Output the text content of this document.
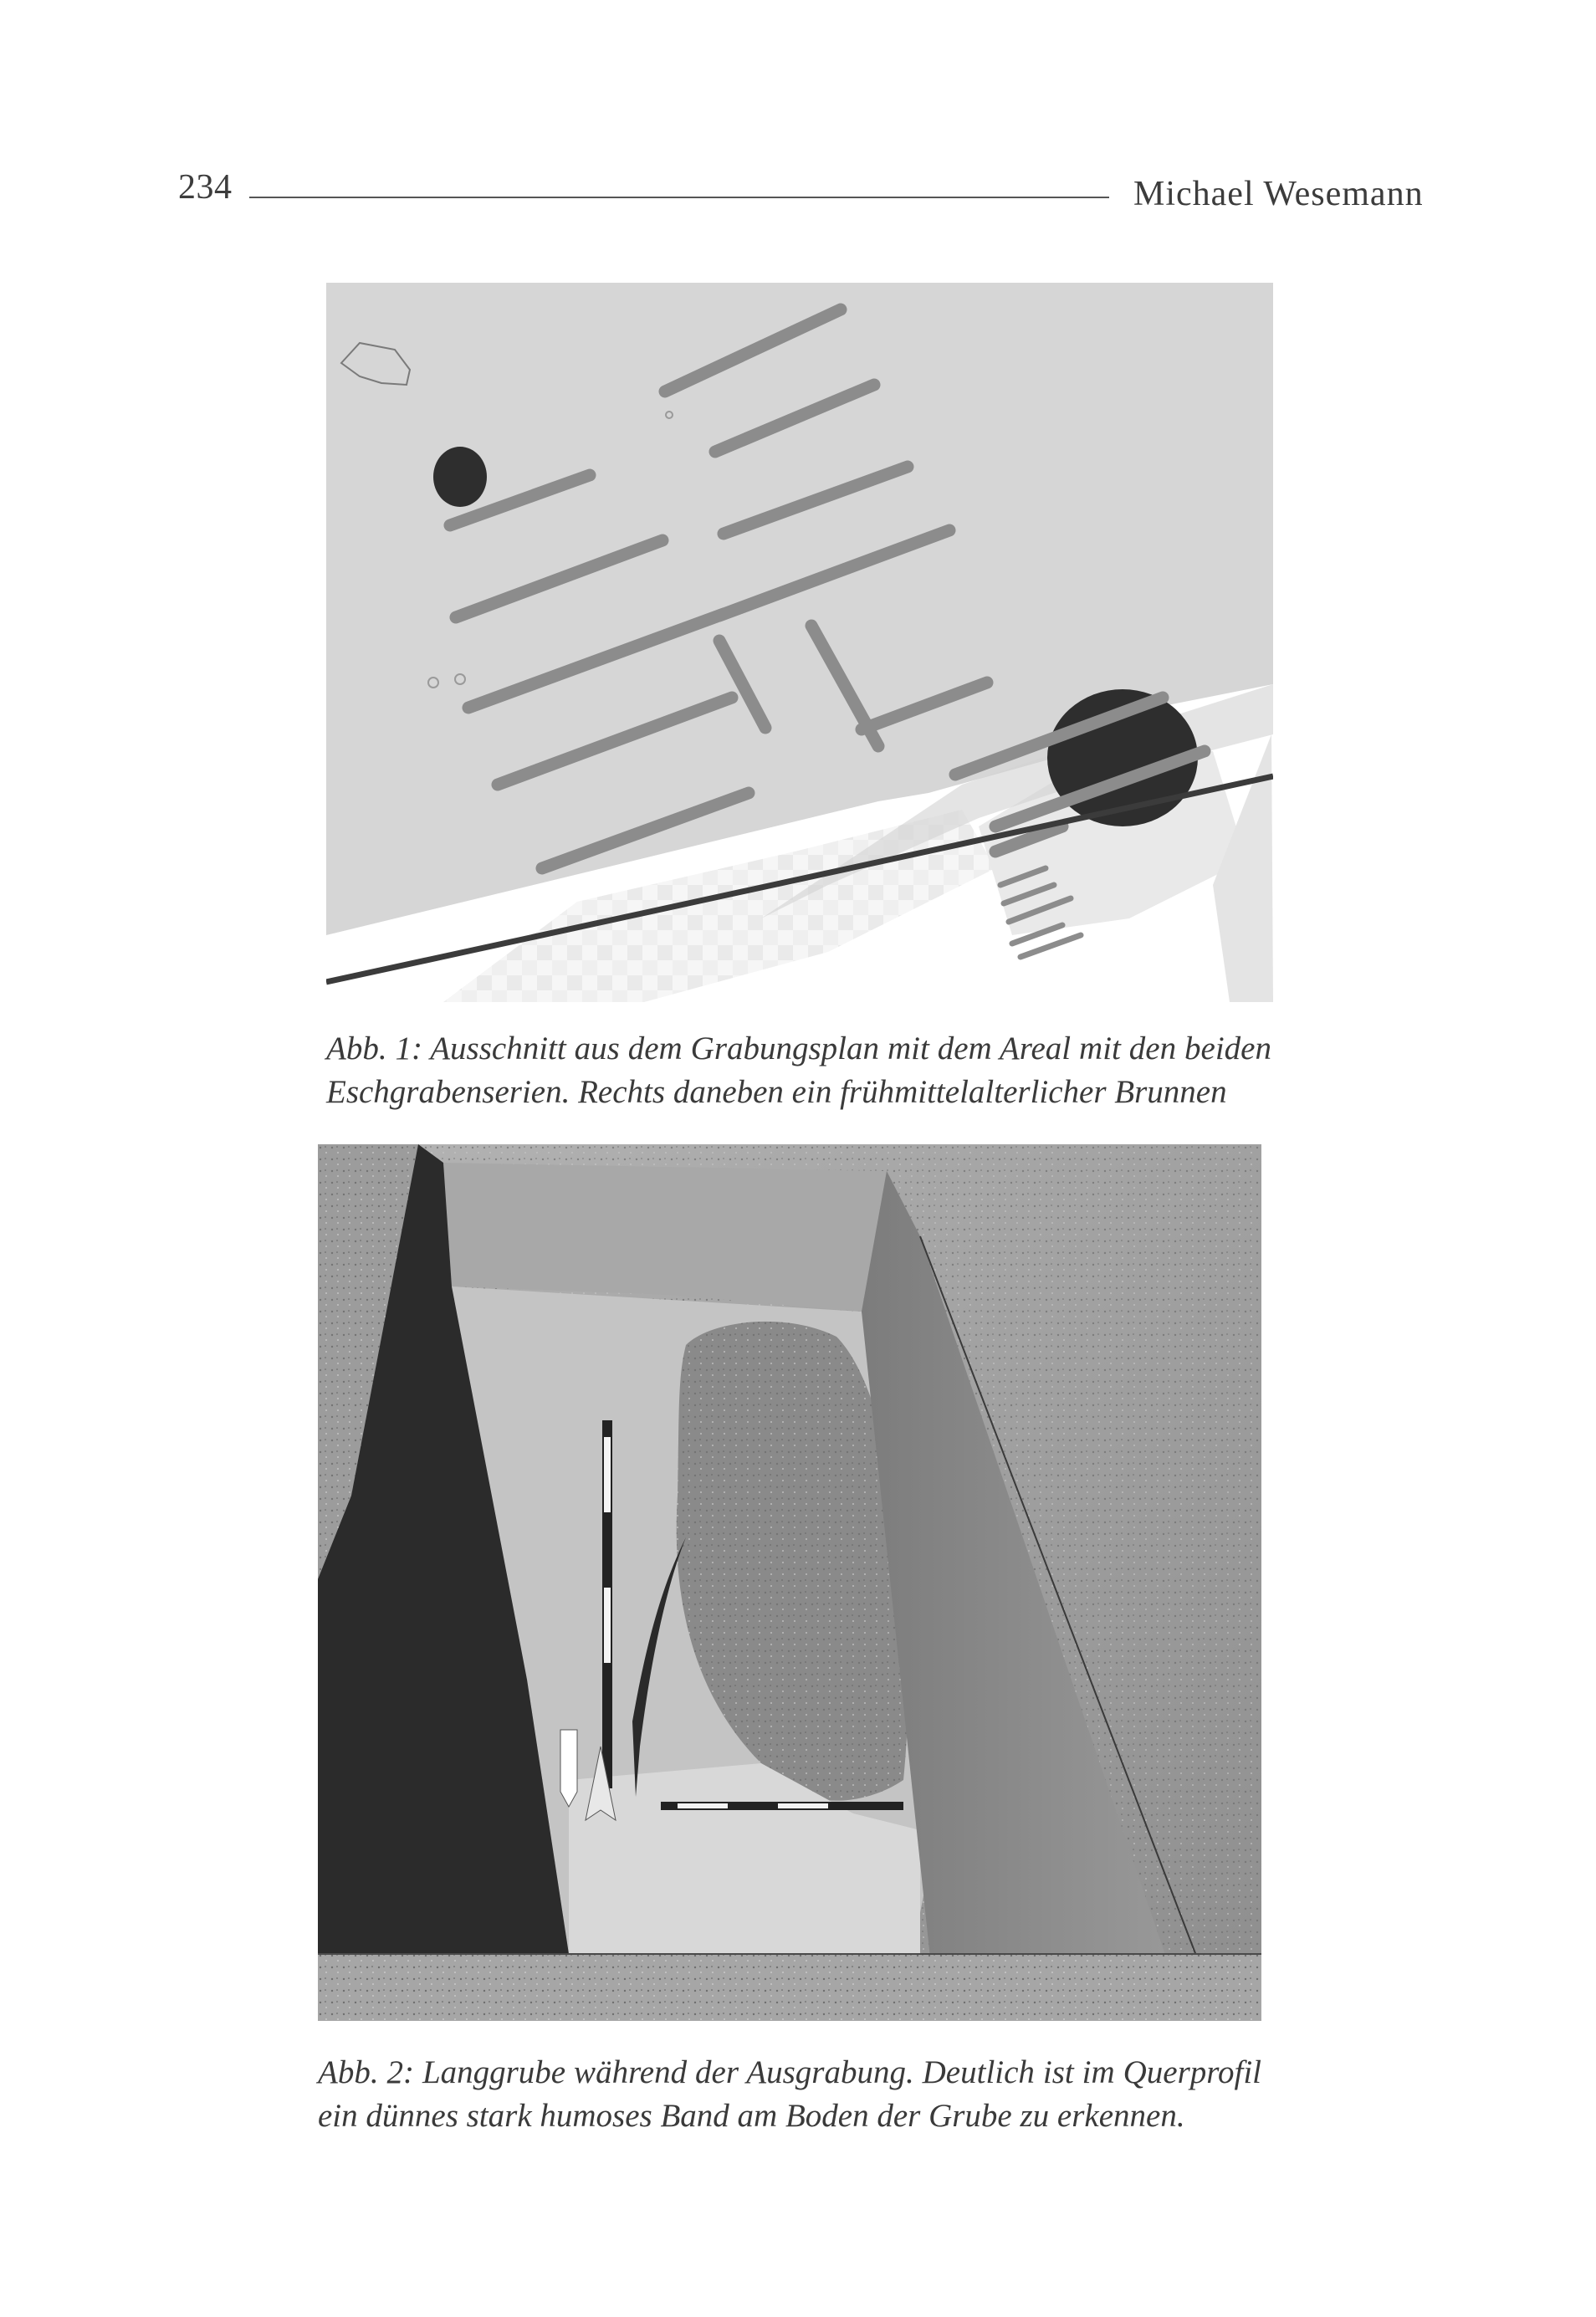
234	Michael Wesemann
Abb. 1: Ausschnitt aus dem Grabungsplan mit dem Areal mit den beiden
Eschgrabenserien. Rechts daneben ein frühmittelalterlicher Brunnen
Abb. 2: Langgrube während der Ausgrabung. Deutlich ist im Querprofil
ein dünnes stark humoses Band am Boden der Grube zu erkennen.
